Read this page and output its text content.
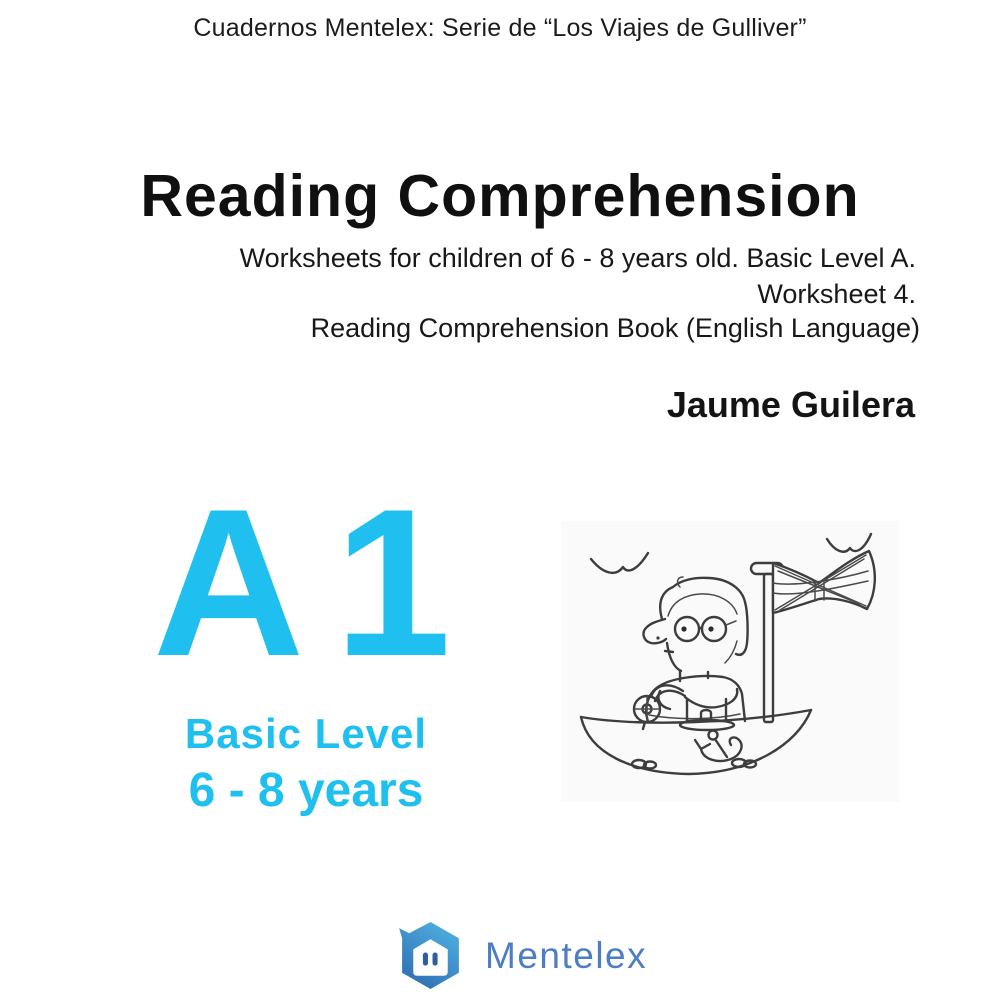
Cuadernos Mentelex: Serie de “Los Viajes de Gulliver”
Reading Comprehension
Worksheets for children of 6 - 8 years old. Basic Level A.
Worksheet 4.
Reading Comprehension Book (English Language)
Jaume Guilera
A1
Basic Level
6 - 8 years
Mentelex
